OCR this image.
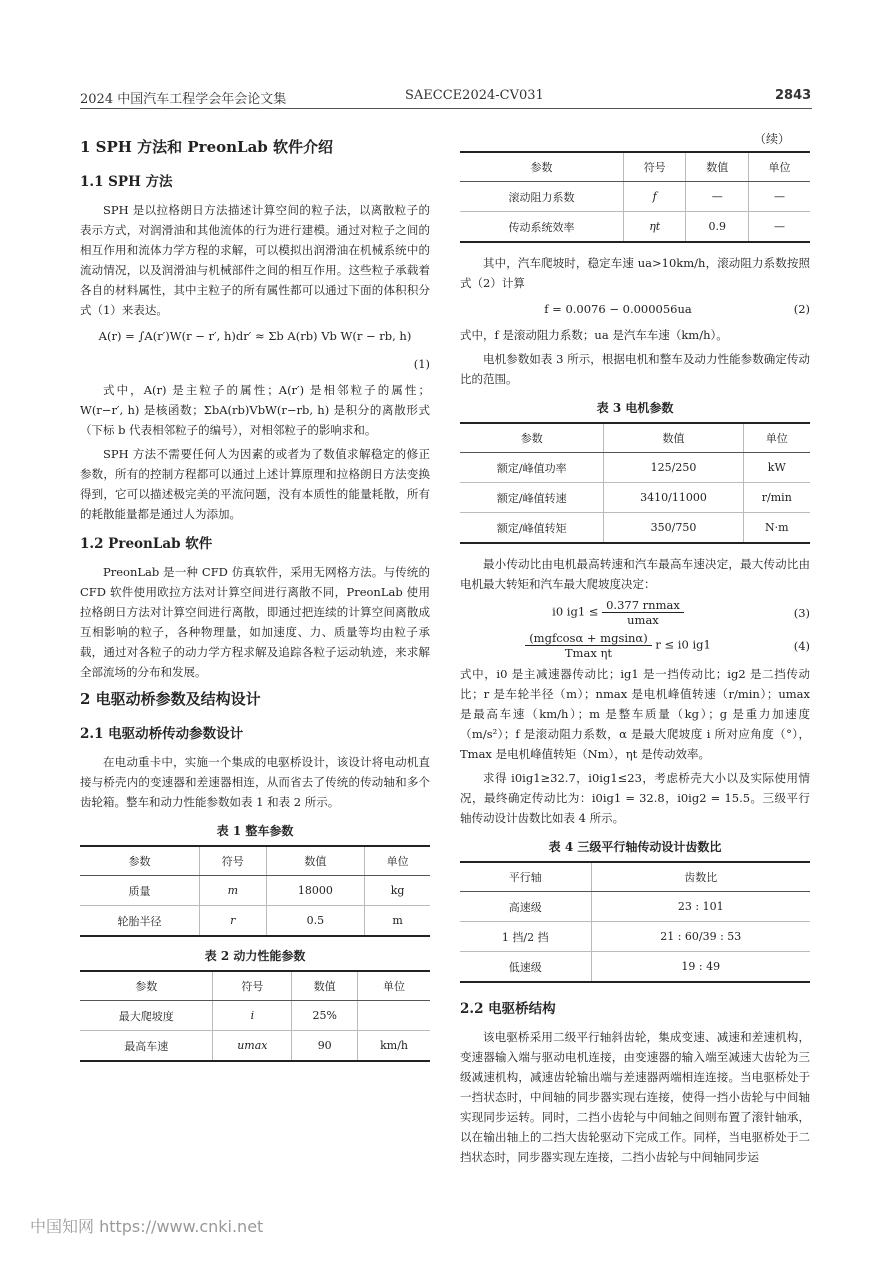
2024 中国汽车工程学会年会论文集	SAECCE2024-CV031	2843
1 SPH 方法和 PreonLab 软件介绍
1.1 SPH 方法

SPH 是以拉格朗日方法描述计算空间的粒子法，以离散粒子的表示方式，对润滑油和其他流体的行为进行建模。通过对粒子之间的相互作用和流体力学方程的求解，可以模拟出润滑油在机械系统中的流动情况，以及润滑油与机械部件之间的相互作用。这些粒子承载着各自的材料属性，其中主粒子的所有属性都可以通过下面的体积积分式（1）来表达。

A(r) = ∫A(r′)W(r − r′, h)dr′ ≈ Σb A(rb) Vb W(r − rb, h)
(1)

式中，A(r) 是主粒子的属性；A(r′) 是相邻粒子的属性；W(r−r′, h) 是核函数；ΣbA(rb)VbW(r−rb, h) 是积分的离散形式（下标 b 代表相邻粒子的编号），对相邻粒子的影响求和。

SPH 方法不需要任何人为因素的或者为了数值求解稳定的修正参数，所有的控制方程都可以通过上述计算原理和拉格朗日方法变换得到，它可以描述极完美的平流问题，没有本质性的能量耗散，所有的耗散能量都是通过人为添加。

1.2 PreonLab 软件

PreonLab 是一种 CFD 仿真软件，采用无网格方法。与传统的 CFD 软件使用欧拉方法对计算空间进行离散不同，PreonLab 使用拉格朗日方法对计算空间进行离散，即通过把连续的计算空间离散成互相影响的粒子，各种物理量，如加速度、力、质量等均由粒子承载，通过对各粒子的动力学方程求解及追踪各粒子运动轨迹，来求解全部流场的分布和发展。

2 电驱动桥参数及结构设计
2.1 电驱动桥传动参数设计

在电动重卡中，实施一个集成的电驱桥设计，该设计将电动机直接与桥壳内的变速器和差速器相连，从而省去了传统的传动轴和多个齿轮箱。整车和动力性能参数如表 1 和表 2 所示。

表 1 整车参数
参数	符号	数值	单位
质量	m	18000	kg
轮胎半径	r	0.5	m
表 2 动力性能参数
参数	符号	数值	单位
最大爬坡度	i	25%	
最高车速	umax	90	km/h
（续）
参数	符号	数值	单位
滚动阻力系数	f	—	—
传动系统效率	ηt	0.9	—

其中，汽车爬坡时，稳定车速 ua>10km/h，滚动阻力系数按照式（2）计算

f = 0.0076 − 0.000056ua	(2)

式中，f 是滚动阻力系数；ua 是汽车车速（km/h）。

电机参数如表 3 所示，根据电机和整车及动力性能参数确定传动比的范围。

表 3 电机参数
参数	数值	单位
额定/峰值功率	125/250	kW
额定/峰值转速	3410/11000	r/min
额定/峰值转矩	350/750	N·m

最小传动比由电机最高转速和汽车最高车速决定，最大传动比由电机最大转矩和汽车最大爬坡度决定：

i0 $ig1 \le \frac{0.377 rnmax}{umax}$	(3)
$\frac{\text{(mgfcosα + mgsinα)}}{\text{Tmax ηt}}$ r ≤ i0 ig1	(4)

式中，i0 是主减速器传动比；ig1 是一挡传动比；ig2 是二挡传动比；r 是车轮半径（m）；nmax 是电机峰值转速（r/min）；umax 是最高车速（km/h）；m 是整车质量（kg）；g 是重力加速度（m/s²）；f 是滚动阻力系数，α 是最大爬坡度 i 所对应角度（°），Tmax 是电机峰值转矩（Nm），ηt 是传动效率。

求得 i0ig1≥32.7，i0ig1≤23，考虑桥壳大小以及实际使用情况，最终确定传动比为：i0ig1 = 32.8，i0ig2 = 15.5。三级平行轴传动设计齿数比如表 4 所示。

表 4 三级平行轴传动设计齿数比
平行轴	齿数比
高速级	23 : 101
1 挡/2 挡	21 : 60/39 : 53
低速级	19 : 49
2.2 电驱桥结构

该电驱桥采用二级平行轴斜齿轮，集成变速、减速和差速机构，变速器输入端与驱动电机连接，由变速器的输入端至减速大齿轮为三级减速机构，减速齿轮输出端与差速器两端相连连接。当电驱桥处于一挡状态时，中间轴的同步器实现右连接，使得一挡小齿轮与中间轴实现同步运转。同时，二挡小齿轮与中间轴之间则布置了滚针轴承，以在输出轴上的二挡大齿轮驱动下完成工作。同样，当电驱桥处于二挡状态时，同步器实现左连接，二挡小齿轮与中间轴同步运

中国知网 https://www.cnki.net
